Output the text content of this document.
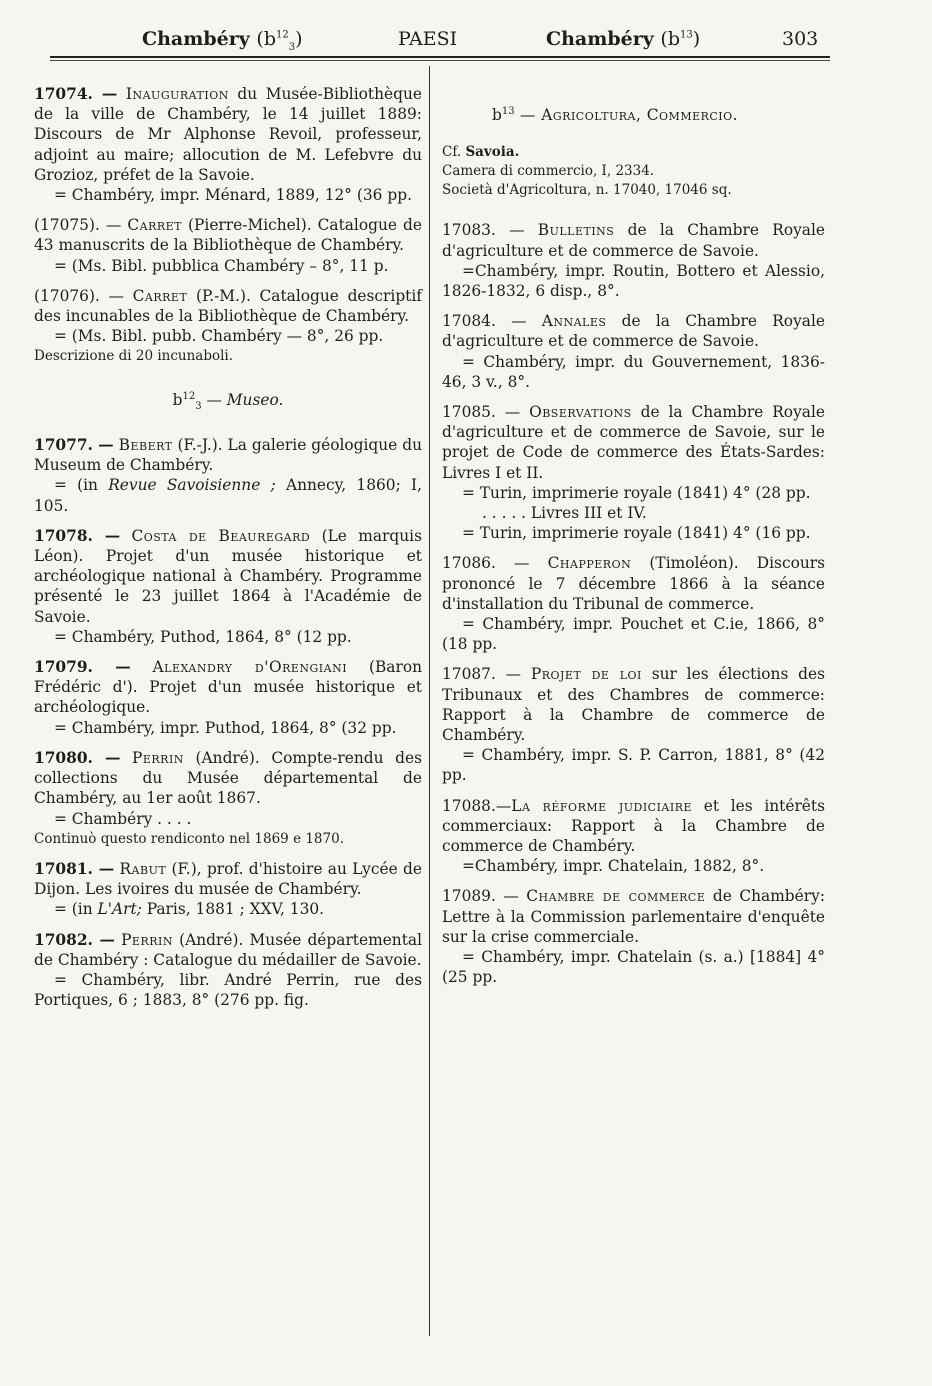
Chambéry $(b^{12}_3)$	PAESI	Chambéry $(b^{13})$	303

17074. — Inauguration du Musée-Bibliothèque de la ville de Chambéry, le 14 juillet 1889: Discours de Mr Alphonse Revoil, professeur, adjoint au maire; allocution de M. Lefebvre du Grozioz, préfet de la Savoie.

= Chambéry, impr. Ménard, 1889, 12° (36 pp.

(17075). — Carret (Pierre-Michel). Catalogue de 43 manuscrits de la Bibliothèque de Chambéry.

= (Ms. Bibl. pubblica Chambéry – 8°, 11 p.

(17076). — Carret (P.-M.). Catalogue descriptif des incunables de la Bibliothèque de Chambéry.

= (Ms. Bibl. pubb. Chambéry — 8°, 26 pp.

Descrizione di 20 incunaboli.

$b^{12}_3$ — Museo.

17077. — Bebert (F.-J.). La galerie géologique du Museum de Chambéry.

= (in Revue Savoisienne ; Annecy, 1860; I, 105.

17078. — Costa de Beauregard (Le marquis Léon). Projet d'un musée historique et archéologique national à Chambéry. Programme présenté le 23 juillet 1864 à l'Académie de Savoie.

= Chambéry, Puthod, 1864, 8° (12 pp.

17079. — Alexandry d'Orengiani (Baron Frédéric d'). Projet d'un musée historique et archéologique.

= Chambéry, impr. Puthod, 1864, 8° (32 pp.

17080. — Perrin (André). Compte-rendu des collections du Musée départemental de Chambéry, au 1er août 1867.

= Chambéry . . . .

Continuò questo rendiconto nel 1869 e 1870.

17081. — Rabut (F.), prof. d'histoire au Lycée de Dijon. Les ivoires du musée de Chambéry.

= (in L'Art; Paris, 1881 ; XXV, 130.

17082. — Perrin (André). Musée départemental de Chambéry : Catalogue du médailler de Savoie.

= Chambéry, libr. André Perrin, rue des Portiques, 6 ; 1883, 8° (276 pp. fig.

$b^{13}$ — Agricoltura, Commercio.
Cf. Savoia.
Camera di commercio, I, 2334.
Società d'Agricoltura, n. 17040, 17046 sq.

17083. — Bulletins de la Chambre Royale d'agriculture et de commerce de Savoie.

=Chambéry, impr. Routin, Bottero et Alessio, 1826-1832, 6 disp., 8°.

17084. — Annales de la Chambre Royale d'agriculture et de commerce de Savoie.

= Chambéry, impr. du Gouvernement, 1836-46, 3 v., 8°.

17085. — Observations de la Chambre Royale d'agriculture et de commerce de Savoie, sur le projet de Code de commerce des États-Sardes: Livres I et II.

= Turin, imprimerie royale (1841) 4° (28 pp.

. . . . . Livres III et IV.

= Turin, imprimerie royale (1841) 4° (16 pp.

17086. — Chapperon (Timoléon). Discours prononcé le 7 décembre 1866 à la séance d'installation du Tribunal de commerce.

= Chambéry, impr. Pouchet et C.ie, 1866, 8° (18 pp.

17087. — Projet de loi sur les élections des Tribunaux et des Chambres de commerce: Rapport à la Chambre de commerce de Chambéry.

= Chambéry, impr. S. P. Carron, 1881, 8° (42 pp.

17088.—La réforme judiciaire et les intérêts commerciaux: Rapport à la Chambre de commerce de Chambéry.

=Chambéry, impr. Chatelain, 1882, 8°.

17089. — Chambre de commerce de Chambéry: Lettre à la Commission parlementaire d'enquête sur la crise commerciale.

= Chambéry, impr. Chatelain (s. a.) [1884] 4° (25 pp.
